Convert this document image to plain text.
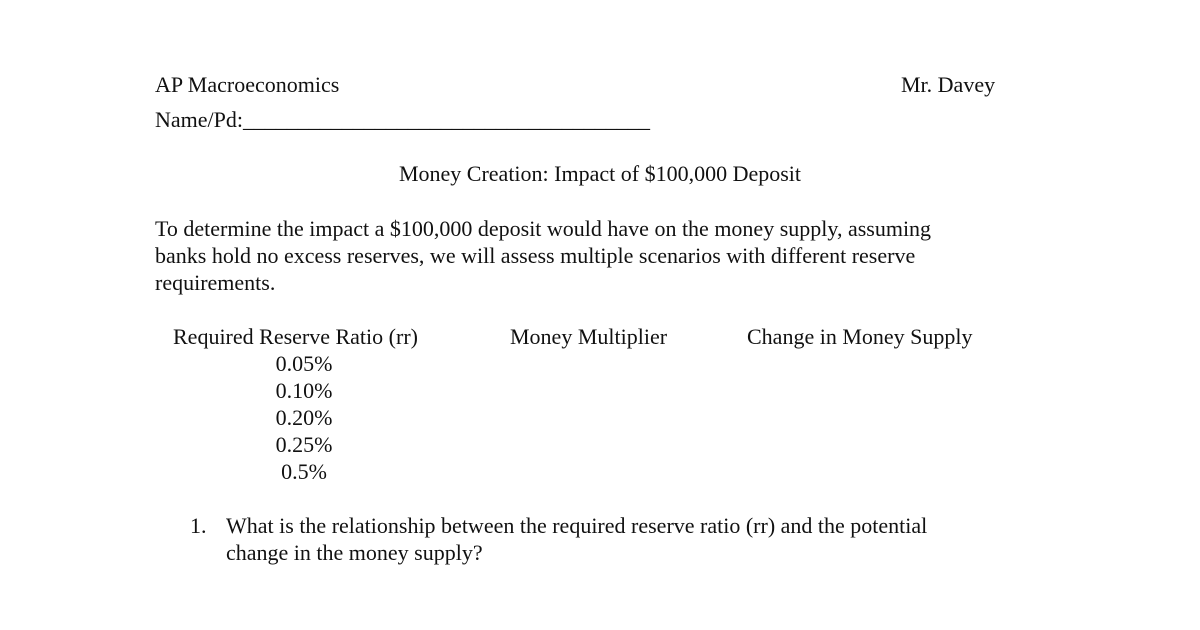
AP Macroeconomics	Mr. Davey
Name/Pd:_____________________________________
Money Creation: Impact of $100,000 Deposit
To determine the impact a $100,000 deposit would have on the money supply, assuming
banks hold no excess reserves, we will assess multiple scenarios with different reserve
requirements.
Required Reserve Ratio (rr)	Money Multiplier	Change in Money Supply
0.05%
0.10%
0.20%
0.25%
0.5%
1. What is the relationship between the required reserve ratio (rr) and the potential
change in the money supply?
